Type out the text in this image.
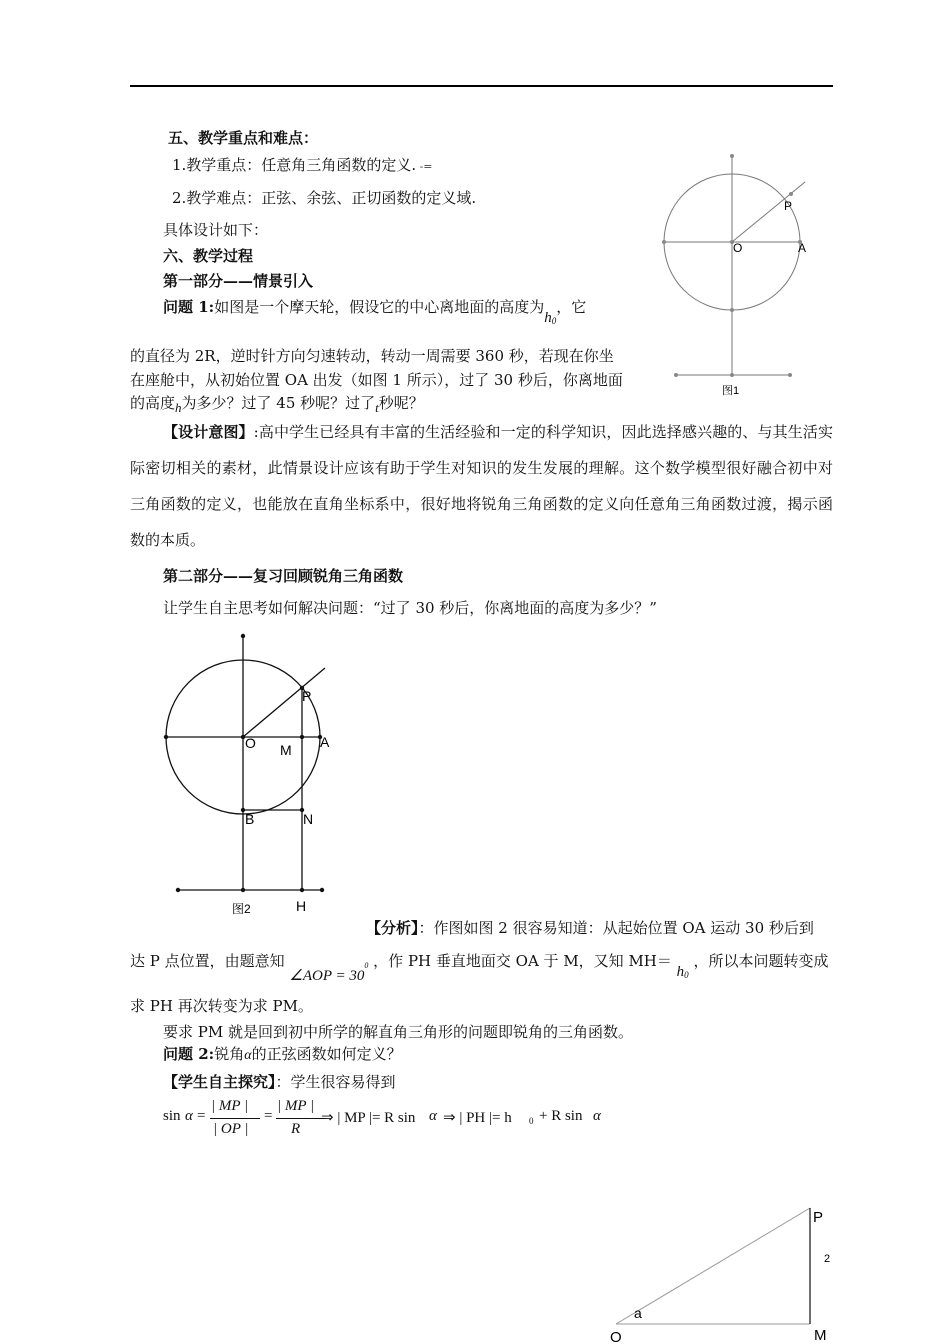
五、教学重点和难点：
1.教学重点：任意角三角函数的定义. -=
2.教学难点：正弦、余弦、正切函数的定义域.
具体设计如下：
六、教学过程
第一部分——情景引入
问题 1:如图是一个摩天轮，假设它的中心离地面的高度为$h_0$，它
的直径为 2R，逆时针方向匀速转动，转动一周需要 360 秒，若现在你坐
在座舱中，从初始位置 OA 出发（如图 1 所示），过了 30 秒后，你离地面
的高度h为多少？过了 45 秒呢？过了t秒呢？
P
O	A
图1
【设计意图】:高中学生已经具有丰富的生活经验和一定的科学知识，因此选择感兴趣的、与其生活实际密切相关的素材，此情景设计应该有助于学生对知识的发生发展的理解。这个数学模型很好融合初中对三角函数的定义，也能放在直角坐标系中，很好地将锐角三角函数的定义向任意角三角函数过渡，揭示函数的本质。
第二部分——复习回顾锐角三角函数
让学生自主思考如何解决问题：“过了 30 秒后，你离地面的高度为多少？”
P
O M A
B	N
图2	H
【分析】：作图如图 2 很容易知道：从起始位置 OA 运动 30 秒后到
达 P 点位置，由题意知 ∠AOP = $30^0$ ，作 PH 垂直地面交 OA 于 M，又知 $MH= h_0$ ，所以本问题转变成
求 PH 再次转变为求 PM。
要求 PM 就是回到初中所学的解直角三角形的问题即锐角的三角函数。
问题 2:锐角α的正弦函数如何定义？
【学生自主探究】：学生很容易得到
sin α =
| MP |
| OP |
=
| MP |
R
⇒ | MP |= R sin α ⇒ | PH |= h 0 + R sin α
P
2
a
O	M
